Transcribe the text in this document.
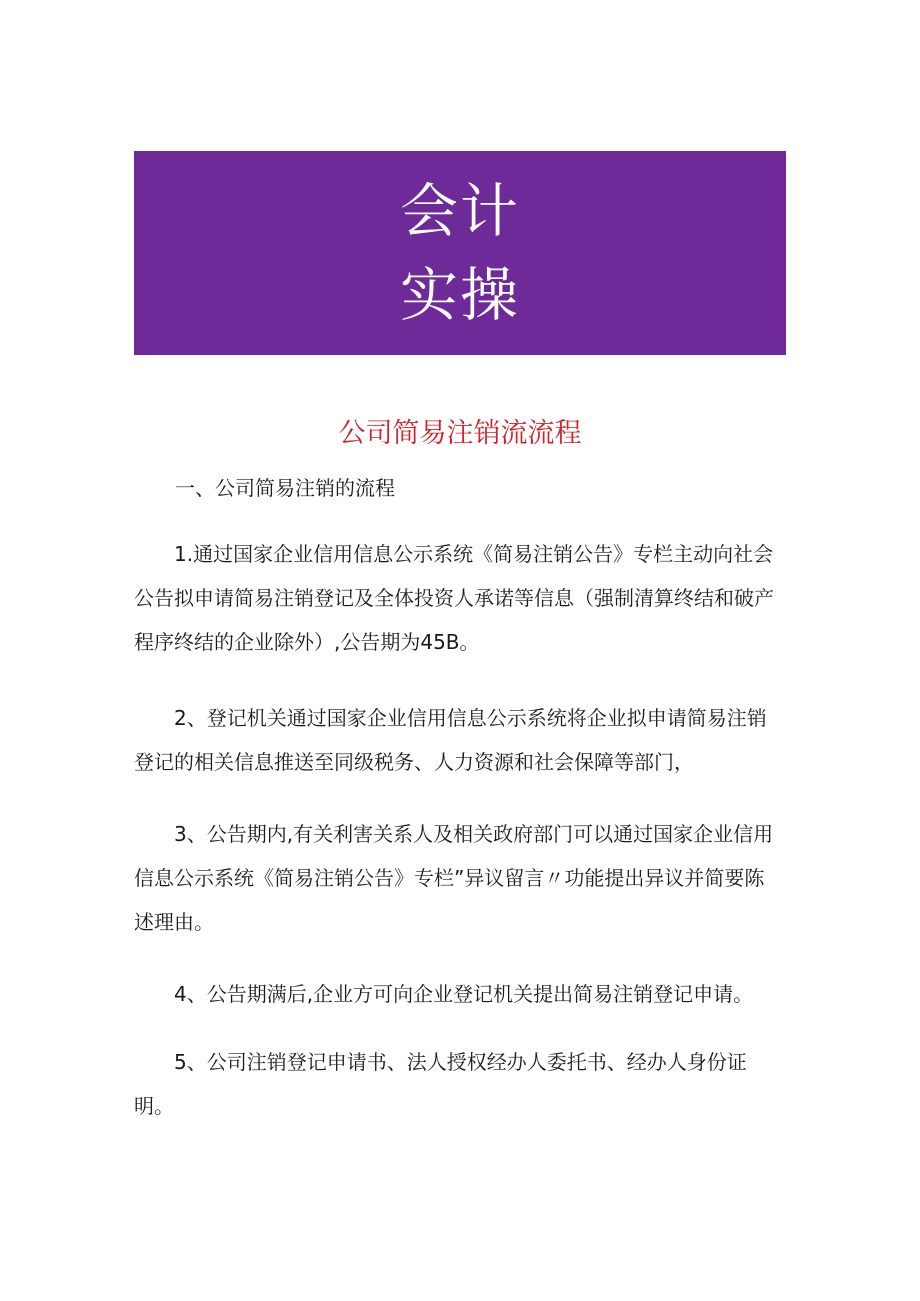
会计
实操
公司简易注销流流程
一、公司简易注销的流程
1.通过国家企业信用信息公示系统《简易注销公告》专栏主动向社会
公告拟申请简易注销登记及全体投资人承诺等信息（强制清算终结和破产
程序终结的企业除外）,公告期为45B。
2、登记机关通过国家企业信用信息公示系统将企业拟申请简易注销
登记的相关信息推送至同级税务、人力资源和社会保障等部门，
3、公告期内,有关利害关系人及相关政府部门可以通过国家企业信用
信息公示系统《简易注销公告》专栏”异议留言〃功能提出异议并简要陈
述理由。
4、公告期满后,企业方可向企业登记机关提出简易注销登记申请。
5、公司注销登记申请书、法人授权经办人委托书、经办人身份证
明。
